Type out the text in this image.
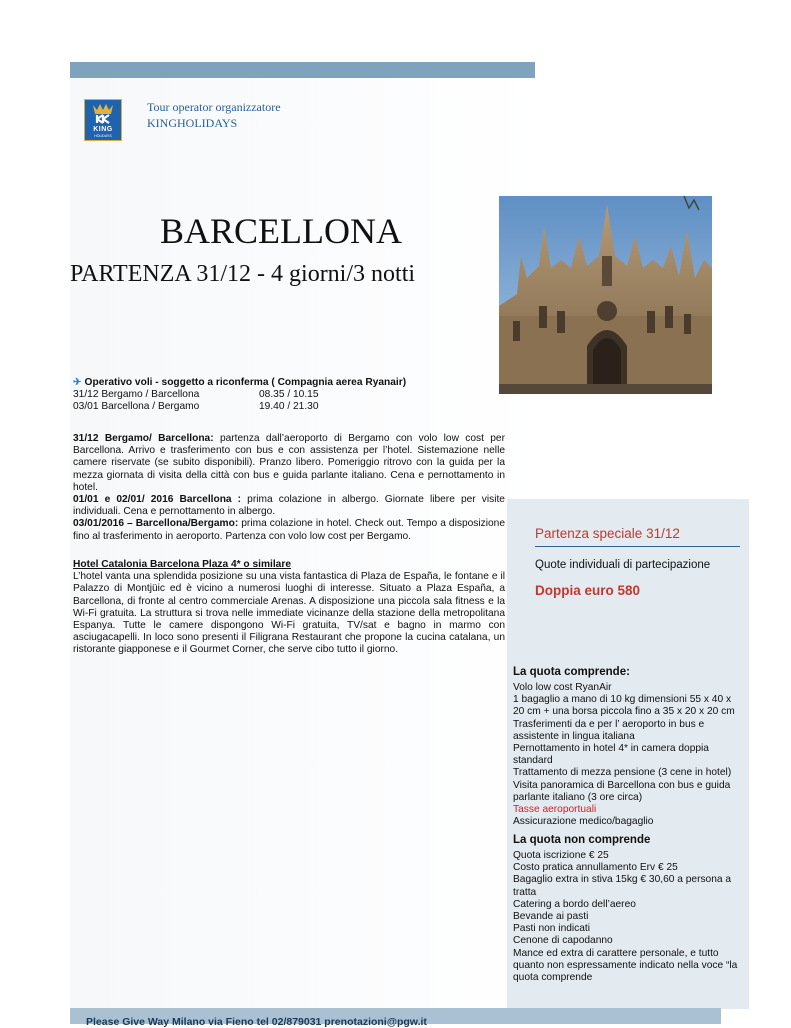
KING
HOLIDAYS
Tour operator organizzatore
KINGHOLIDAYS
BARCELLONA
PARTENZA 31/12 - 4 giorni/3 notti
✈ Operativo voli - soggetto a riconferma ( Compagnia aerea Ryanair)
31/12 Bergamo / Barcellona	08.35 / 10.15
03/01 Barcellona / Bergamo	19.40 / 21.30

31/12 Bergamo/ Barcellona: partenza dall’aeroporto di Bergamo con volo low cost per Barcellona. Arrivo e trasferimento con bus e con assistenza per l’hotel. Sistemazione nelle camere riservate (se subito disponibili). Pranzo libero. Pomeriggio ritrovo con la guida per la mezza giornata di visita della città con bus e guida parlante italiano. Cena e pernottamento in hotel.

01/01 e 02/01/ 2016 Barcellona : prima colazione in albergo. Giornate libere per visite individuali. Cena e pernottamento in albergo.

03/01/2016 – Barcellona/Bergamo: prima colazione in hotel. Check out. Tempo a disposizione fino al trasferimento in aeroporto. Partenza con volo low cost per Bergamo.

Hotel Catalonia Barcelona Plaza 4* o similare
L’hotel vanta una splendida posizione su una vista fantastica di Plaza de España, le fontane e il Palazzo di Montjüic ed è vicino a numerosi luoghi di interesse. Situato a Plaza España, a Barcellona, di fronte al centro commerciale Arenas. A disposizione una piccola sala fitness e la Wi-Fi gratuita. La struttura si trova nelle immediate vicinanze della stazione della metropolitana Espanya. Tutte le camere dispongono Wi-Fi gratuita, TV/sat e bagno in marmo con asciugacapelli. In loco sono presenti il Filigrana Restaurant che propone la cucina catalana, un ristorante giapponese e il Gourmet Corner, che serve cibo tutto il giorno.
Partenza speciale 31/12
Quote individuali di partecipazione
Doppia euro 580
La quota comprende:
Volo low cost RyanAir
1 bagaglio a mano di 10 kg dimensioni 55 x 40 x 20 cm + una borsa piccola fino a 35 x 20 x 20 cm
Trasferimenti da e per l’ aeroporto in bus e assistente in lingua italiana
Pernottamento in hotel 4* in camera doppia standard
Trattamento di mezza pensione (3 cene in hotel)
Visita panoramica di Barcellona con bus e guida parlante italiano (3 ore circa)
Tasse aeroportuali
Assicurazione medico/bagaglio
La quota non comprende
Quota iscrizione € 25
Costo pratica annullamento Erv € 25
Bagaglio extra in stiva 15kg € 30,60 a persona a tratta
Catering a bordo dell’aereo
Bevande ai pasti
Pasti non indicati
Cenone di capodanno
Mance ed extra di carattere personale, e tutto quanto non espressamente indicato nella voce “la quota comprende
Please Give Way Milano via Fieno tel 02/879031 prenotazioni@pgw.it
